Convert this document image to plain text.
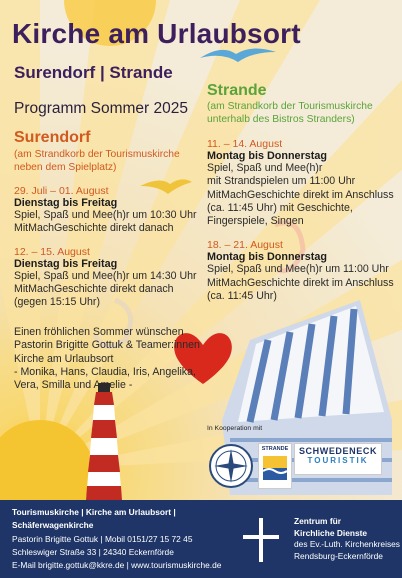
Kirche am Urlaubsort
Surendorf | Strande
Programm Sommer 2025
Surendorf
(am Strandkorb der Tourismuskirche neben dem Spielplatz)
29. Juli – 01. August
Dienstag bis Freitag
Spiel, Spaß und Mee(h)r um 10:30 Uhr
MitMachGeschichte direkt danach
12. – 15. August
Dienstag bis Freitag
Spiel, Spaß und Mee(h)r um 14:30 Uhr
MitMachGeschichte direkt danach
(gegen 15:15 Uhr)
Strande
(am Strandkorb der Tourismuskirche unterhalb des Bistros Stranders)
11. – 14. August
Montag bis Donnerstag
Spiel, Spaß und Mee(h)r
mit Strandspielen um 11:00 Uhr
MitMachGeschichte direkt im Anschluss
(ca. 11:45 Uhr) mit Geschichte,
Fingerspiele, Singen
18. – 21. August
Montag bis Donnerstag
Spiel, Spaß und Mee(h)r um 11:00 Uhr
MitMachGeschichte direkt im Anschluss
(ca. 11:45 Uhr)
Einen fröhlichen Sommer wünschen
Pastorin Brigitte Gottuk & Teamer:innen
Kirche am Urlaubsort
- Monika, Hans, Claudia, Iris, Angelika,
Vera, Smilla und Amelie -
In Kooperation mit
STRANDE	SCHWEDENECK
TOURISTIK
Tourismuskirche | Kirche am Urlaubsort |
Schäferwagenkirche
Pastorin Brigitte Gottuk | Mobil 0151/27 15 72 45
Schleswiger Straße 33 | 24340 Eckernförde
E-Mail brigitte.gottuk@kkre.de | www.tourismuskirche.de
Zentrum für
Kirchliche Dienste
des Ev.-Luth. Kirchenkreises
Rendsburg-Eckernförde
